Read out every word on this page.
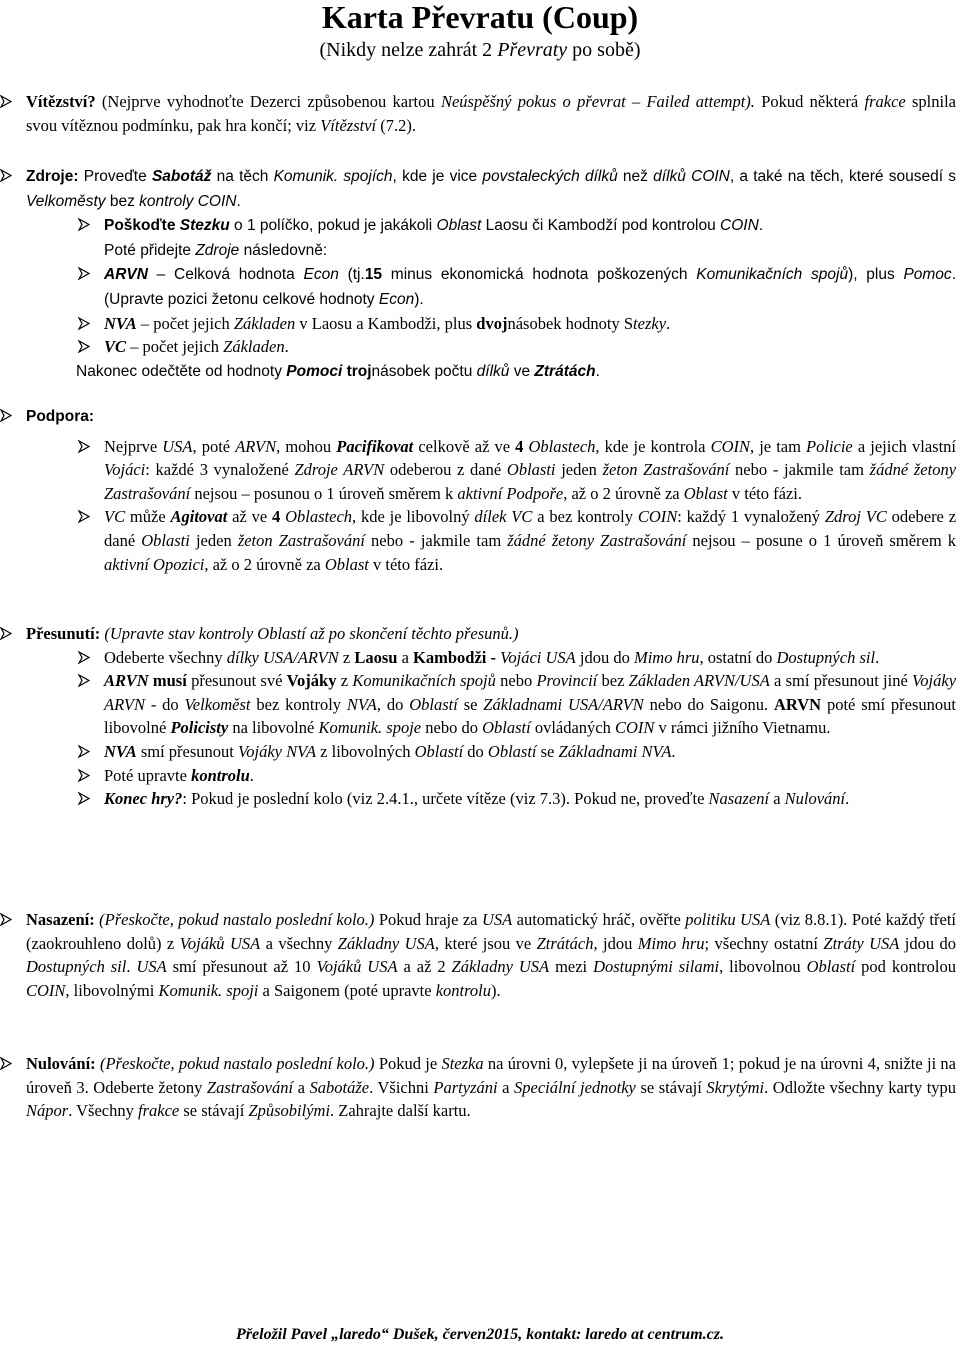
Karta Převratu (Coup)
(Nikdy nelze zahrát 2 Převraty po sobě)
Vítězství? (Nejprve vyhodnoťte Dezerci způsobenou kartou Neúspěšný pokus o převrat – Failed attempt). Pokud některá frakce splnila svou vítěznou podmínku, pak hra končí; viz Vítězství (7.2).
Zdroje: Proveďte Sabotáž na těch Komunik. spojích, kde je vice povstaleckých dílků než dílků COIN, a také na těch, které sousedí s Velkoměsty bez kontroly COIN.
Poškoďte Stezku o 1 políčko, pokud je jakákoli Oblast Laosu či Kambodží pod kontrolou COIN.
Poté přidejte Zdroje následovně:
ARVN – Celková hodnota Econ (tj.15 minus ekonomická hodnota poškozených Komunikačních spojů), plus Pomoc. (Upravte pozici žetonu celkové hodnoty Econ).
NVA – počet jejich Základen v Laosu a Kambodži, plus dvojnásobek hodnoty Stezky.
VC – počet jejich Základen.
Nakonec odečtěte od hodnoty Pomoci trojnásobek počtu dílků ve Ztrátách.
Podpora:
Nejprve USA, poté ARVN, mohou Pacifikovat celkově až ve 4 Oblastech, kde je kontrola COIN, je tam Policie a jejich vlastní Vojáci: každé 3 vynaložené Zdroje ARVN odeberou z dané Oblasti jeden žeton Zastrašování nebo - jakmile tam žádné žetony Zastrašování nejsou – posunou o 1 úroveň směrem k aktivní Podpoře, až o 2 úrovně za Oblast v této fázi.
VC může Agitovat až ve 4 Oblastech, kde je libovolný dílek VC a bez kontroly COIN: každý 1 vynaložený Zdroj VC odebere z dané Oblasti jeden žeton Zastrašování nebo - jakmile tam žádné žetony Zastrašování nejsou – posune o 1 úroveň směrem k aktivní Opozici, až o 2 úrovně za Oblast v této fázi.
Přesunutí: (Upravte stav kontroly Oblastí až po skončení těchto přesunů.)
Odeberte všechny dílky USA/ARVN z Laosu a Kambodži - Vojáci USA jdou do Mimo hru, ostatní do Dostupných sil.
ARVN musí přesunout své Vojáky z Komunikačních spojů nebo Provincií bez Základen ARVN/USA a smí přesunout jiné Vojáky ARVN - do Velkoměst bez kontroly NVA, do Oblastí se Základnami USA/ARVN nebo do Saigonu. ARVN poté smí přesunout libovolné Policisty na libovolné Komunik. spoje nebo do Oblastí ovládaných COIN v rámci jižního Vietnamu.
NVA smí přesunout Vojáky NVA z libovolných Oblastí do Oblastí se Základnami NVA.
Poté upravte kontrolu.
Konec hry?: Pokud je poslední kolo (viz 2.4.1., určete vítěze (viz 7.3). Pokud ne, proveďte Nasazení a Nulování.
Nasazení: (Přeskočte, pokud nastalo poslední kolo.) Pokud hraje za USA automatický hráč, ověřte politiku USA (viz 8.8.1). Poté každý třetí (zaokrouhleno dolů) z Vojáků USA a všechny Základny USA, které jsou ve Ztrátách, jdou Mimo hru; všechny ostatní Ztráty USA jdou do Dostupných sil. USA smí přesunout až 10 Vojáků USA a až 2 Základny USA mezi Dostupnými silami, libovolnou Oblastí pod kontrolou COIN, libovolnými Komunik. spoji a Saigonem (poté upravte kontrolu).
Nulování: (Přeskočte, pokud nastalo poslední kolo.) Pokud je Stezka na úrovni 0, vylepšete ji na úroveň 1; pokud je na úrovni 4, snižte ji na úroveň 3. Odeberte žetony Zastrašování a Sabotáže. Všichni Partyzáni a Speciální jednotky se stávají Skrytými. Odložte všechny karty typu Nápor. Všechny frakce se stávají Způsobilými. Zahrajte další kartu.
Přeložil Pavel „laredo“ Dušek, červen2015, kontakt: laredo at centrum.cz.
